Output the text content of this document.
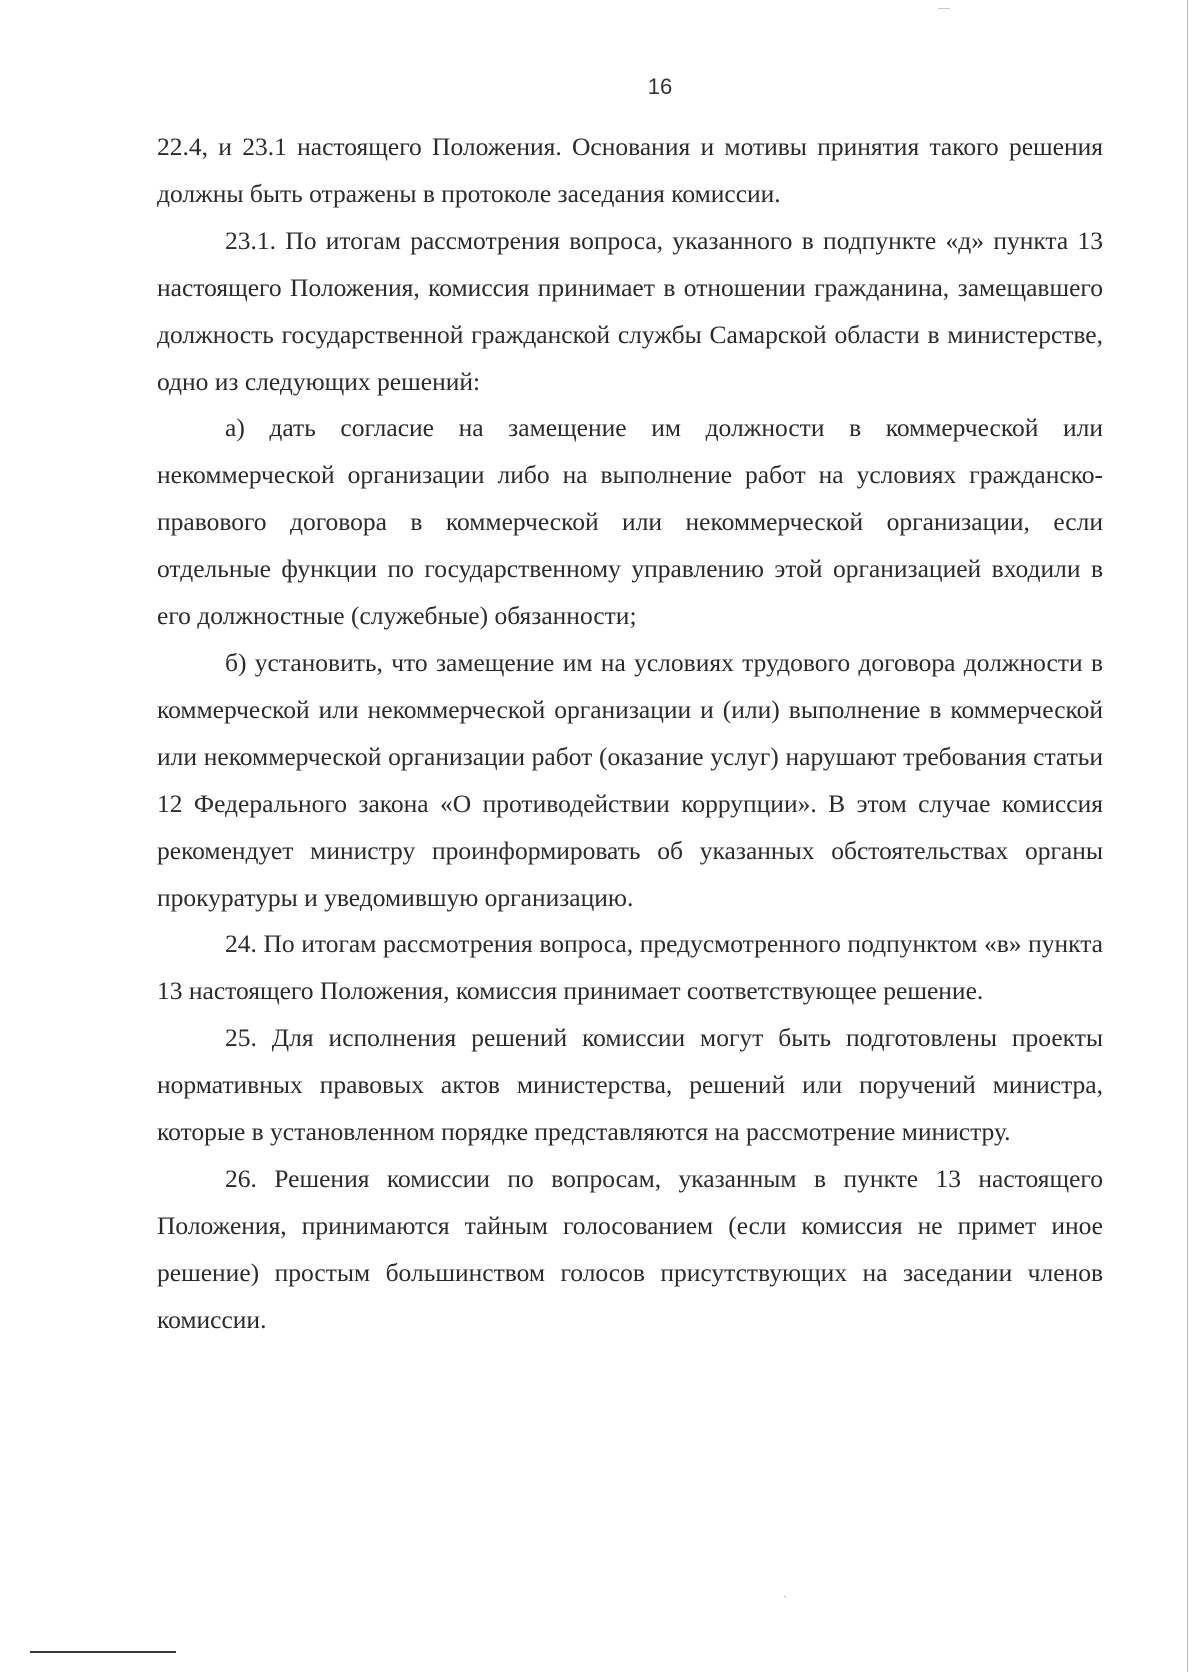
16

22.4, и 23.1 настоящего Положения. Основания и мотивы принятия такого решения должны быть отражены в протоколе заседания комиссии.

23.1. По итогам рассмотрения вопроса, указанного в подпункте «д» пункта 13 настоящего Положения, комиссия принимает в отношении гражданина, замещавшего должность государственной гражданской службы Самарской области в министерстве, одно из следующих решений:

а) дать согласие на замещение им должности в коммерческой или некоммерческой организации либо на выполнение работ на условиях гражданско-правового договора в коммерческой или некоммерческой организации, если отдельные функции по государственному управлению этой организацией входили в его должностные (служебные) обязанности;

б) установить, что замещение им на условиях трудового договора должности в коммерческой или некоммерческой организации и (или) выполнение в коммерческой или некоммерческой организации работ (оказание услуг) нарушают требования статьи 12 Федерального закона «О противодействии коррупции». В этом случае комиссия рекомендует министру проинформировать об указанных обстоятельствах органы прокуратуры и уведомившую организацию.

24. По итогам рассмотрения вопроса, предусмотренного подпунктом «в» пункта 13 настоящего Положения, комиссия принимает соответствующее решение.

25. Для исполнения решений комиссии могут быть подготовлены проекты нормативных правовых актов министерства, решений или поручений министра, которые в установленном порядке представляются на рассмотрение министру.

26. Решения комиссии по вопросам, указанным в пункте 13 настоящего Положения, принимаются тайным голосованием (если комиссия не примет иное решение) простым большинством голосов присутствующих на заседании членов комиссии.
